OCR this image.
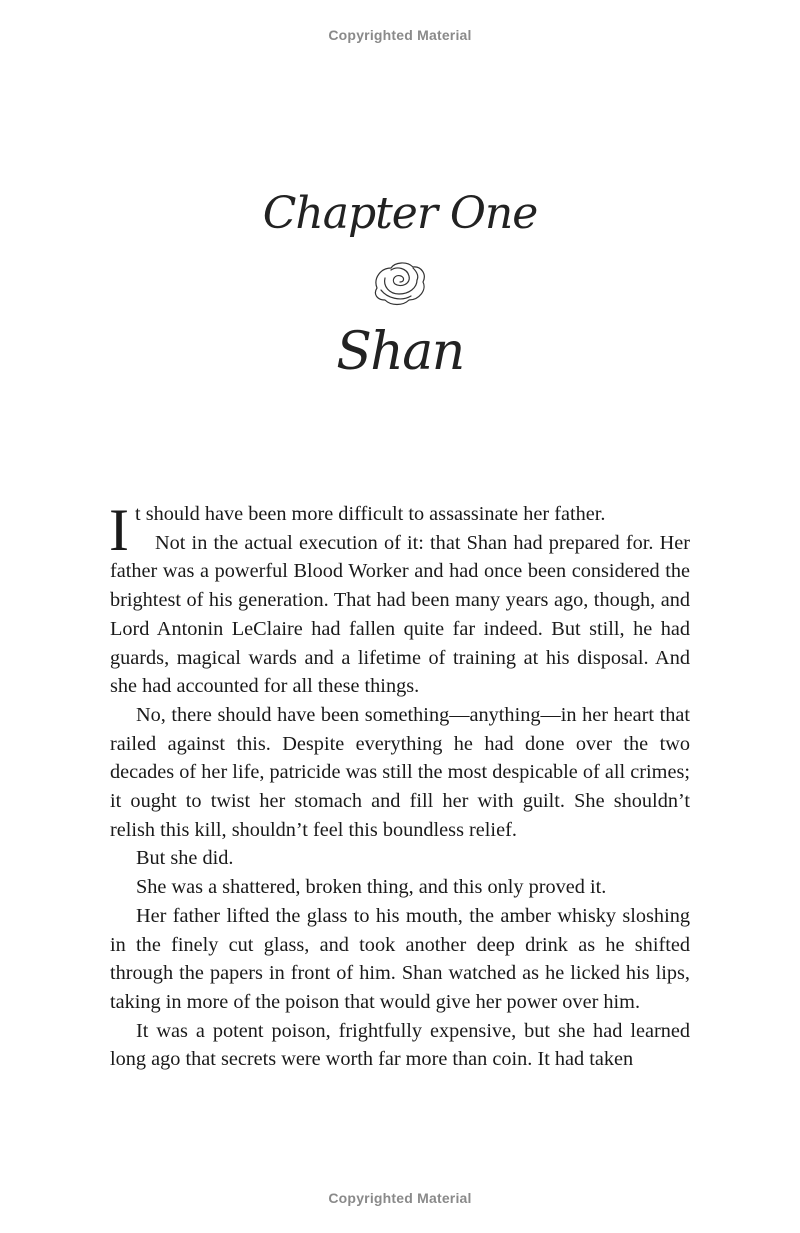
Copyrighted Material
Chapter One
Shan

I t should have been more difficult to assassinate her father.
Not in the actual execution of it: that Shan had prepared for. Her father was a powerful Blood Worker and had once been considered the brightest of his generation. That had been many years ago, though, and Lord Antonin LeClaire had fallen quite far indeed. But still, he had guards, magical wards and a lifetime of training at his disposal. And she had accounted for all these things.

No, there should have been something—anything—in her heart that railed against this. Despite everything he had done over the two decades of her life, patricide was still the most despicable of all crimes; it ought to twist her stomach and fill her with guilt. She shouldn’t relish this kill, shouldn’t feel this boundless relief.

But she did.

She was a shattered, broken thing, and this only proved it.

Her father lifted the glass to his mouth, the amber whisky sloshing in the finely cut glass, and took another deep drink as he shifted through the papers in front of him. Shan watched as he licked his lips, taking in more of the poison that would give her power over him.

It was a potent poison, frightfully expensive, but she had learned long ago that secrets were worth far more than coin. It had taken

Copyrighted Material
